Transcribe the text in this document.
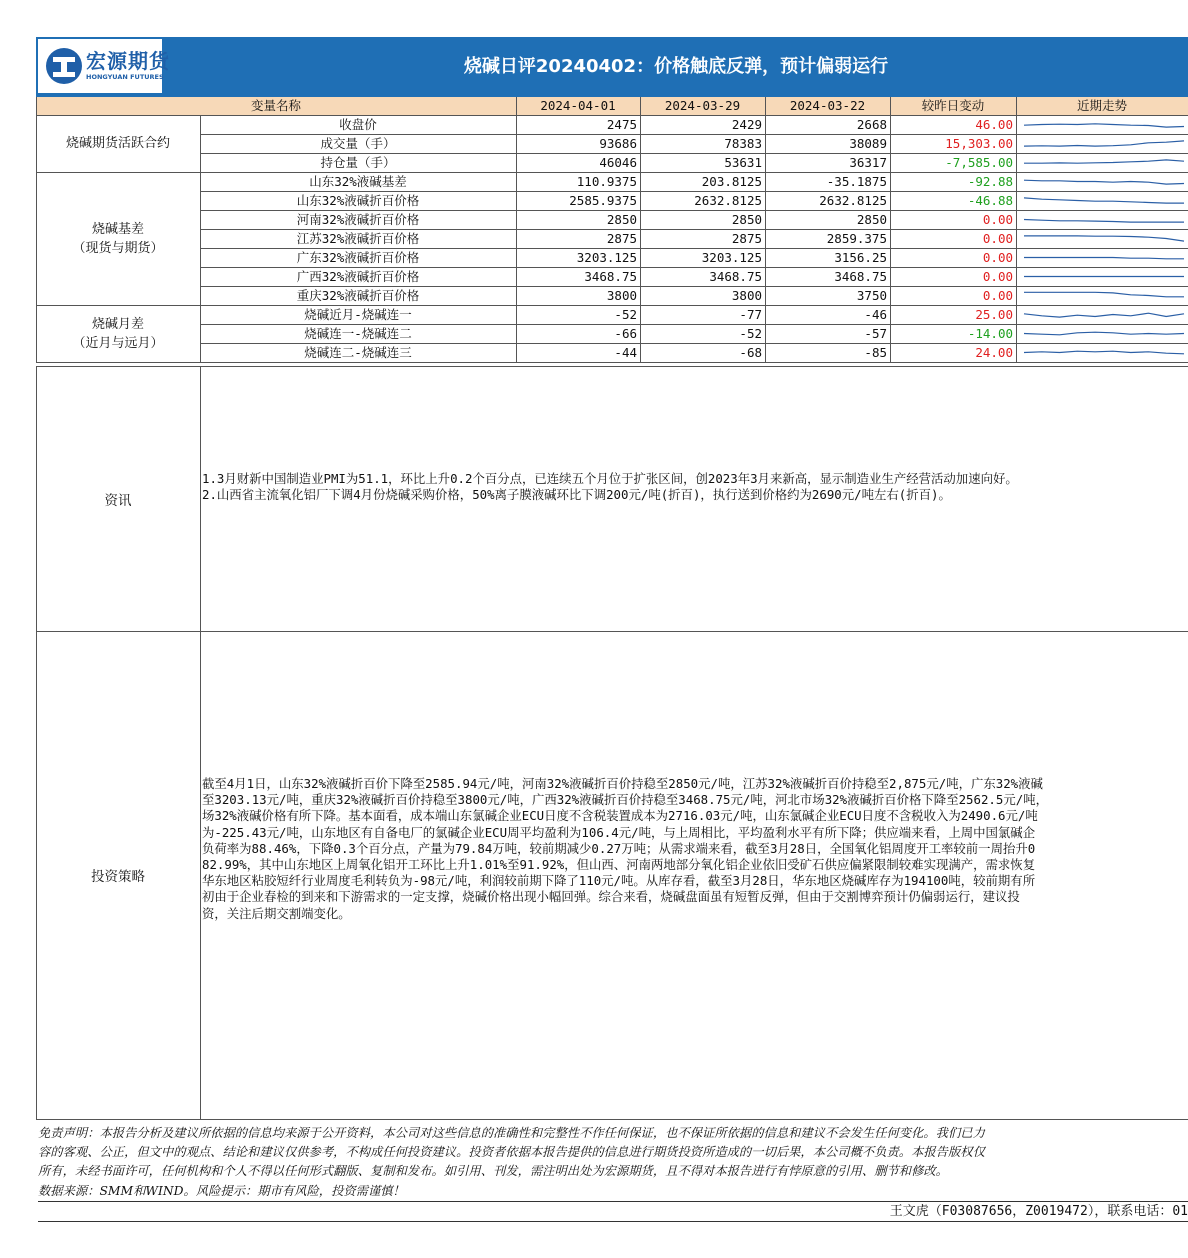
宏源期货
HONGYUAN FUTURES	烧碱日评20240402：价格触底反弹，预计偏弱运行
变量名称	2024-04-01	2024-03-29	2024-03-22	较昨日变动	近期走势
烧碱期货活跃合约
收盘价	2475	2429	2668	46.00
成交量（手）	93686	78383	38089	15,303.00
持仓量（手）	46046	53631	36317	-7,585.00
烧碱基差
（现货与期货）
山东32%液碱基差	110.9375	203.8125	-35.1875	-92.88
山东32%液碱折百价格	2585.9375	2632.8125	2632.8125	-46.88
河南32%液碱折百价格	2850	2850	2850	0.00
江苏32%液碱折百价格	2875	2875	2859.375	0.00
广东32%液碱折百价格	3203.125	3203.125	3156.25	0.00
广西32%液碱折百价格	3468.75	3468.75	3468.75	0.00
重庆32%液碱折百价格	3800	3800	3750	0.00
烧碱月差
（近月与远月）
烧碱近月-烧碱连一	-52	-77	-46	25.00
烧碱连一-烧碱连二	-66	-52	-57	-14.00
烧碱连二-烧碱连三	-44	-68	-85	24.00
资讯
1.3月财新中国制造业PMI为51.1，环比上升0.2个百分点，已连续五个月位于扩张区间，创2023年3月来新高，显示制造业生产经营活动加速向好。
2.山西省主流氧化铝厂下调4月份烧碱采购价格，50%离子膜液碱环比下调200元/吨(折百)，执行送到价格约为2690元/吨左右(折百)。
投资策略
截至4月1日，山东32%液碱折百价下降至2585.94元/吨，河南32%液碱折百价持稳至2850元/吨，江苏32%液碱折百价持稳至2,875元/吨，广东32%液碱
至3203.13元/吨，重庆32%液碱折百价持稳至3800元/吨，广西32%液碱折百价持稳至3468.75元/吨，河北市场32%液碱折百价格下降至2562.5元/吨，
场32%液碱价格有所下降。基本面看，成本端山东氯碱企业ECU日度不含税装置成本为2716.03元/吨，山东氯碱企业ECU日度不含税收入为2490.6元/吨
为-225.43元/吨，山东地区有自备电厂的氯碱企业ECU周平均盈利为106.4元/吨，与上周相比，平均盈利水平有所下降；供应端来看，上周中国氯碱企
负荷率为88.46%，下降0.3个百分点，产量为79.84万吨，较前期减少0.27万吨；从需求端来看，截至3月28日，全国氧化铝周度开工率较前一周抬升0
82.99%，其中山东地区上周氧化铝开工环比上升1.01%至91.92%，但山西、河南两地部分氧化铝企业依旧受矿石供应偏紧限制较难实现满产，需求恢复
华东地区粘胶短纤行业周度毛利转负为-98元/吨，利润较前期下降了110元/吨。从库存看，截至3月28日，华东地区烧碱库存为194100吨，较前期有所
初由于企业春检的到来和下游需求的一定支撑，烧碱价格出现小幅回弹。综合来看，烧碱盘面虽有短暂反弹，但由于交割博弈预计仍偏弱运行，建议投
资，关注后期交割端变化。
免责声明：本报告分析及建议所依据的信息均来源于公开资料，本公司对这些信息的准确性和完整性不作任何保证，也不保证所依据的信息和建议不会发生任何变化。我们已力
容的客观、公正，但文中的观点、结论和建议仅供参考，不构成任何投资建议。投资者依据本报告提供的信息进行期货投资所造成的一切后果，本公司概不负责。本报告版权仅
所有，未经书面许可，任何机构和个人不得以任何形式翻版、复制和发布。如引用、刊发，需注明出处为宏源期货，且不得对本报告进行有悖原意的引用、删节和修改。
数据来源：SMM和WIND。风险提示：期市有风险，投资需谨慎！
王文虎（F03087656，Z0019472），联系电话：01
